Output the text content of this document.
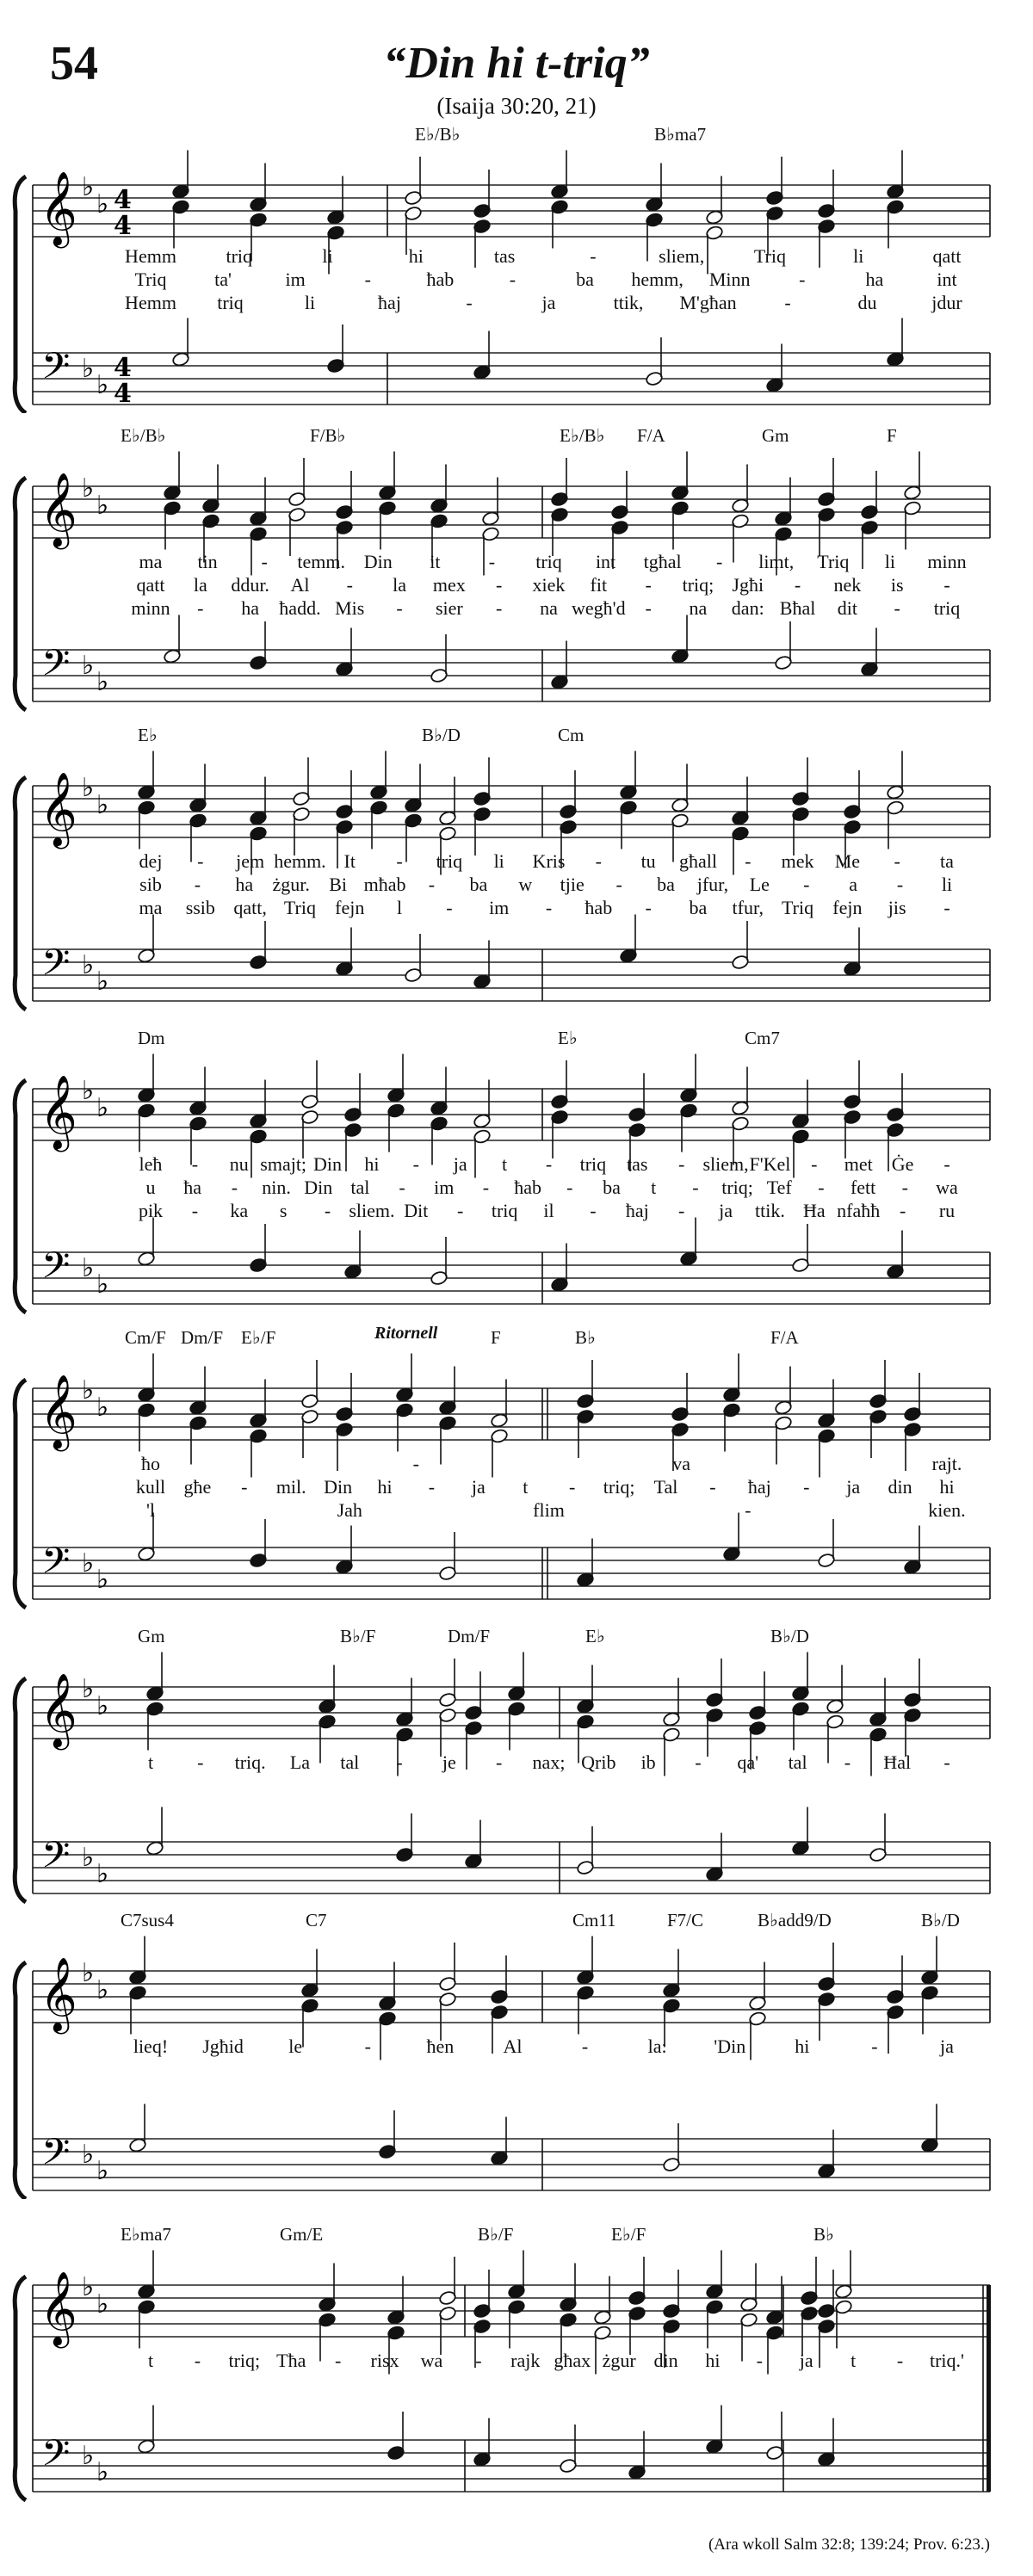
54	“Din hi t-triq”
(Isaija 30:20, 21)
𝄞
𝄢
♭
♭
♭
♭
4
4
4
4
E♭/B♭	B♭ma7
Hemm	triq	li	hi	tas	-	sliem,	Triq	li	qatt
Triq	ta'	im	-	ħab	-	ba hemm, Minn	-	ha	int
Hemm triq	li	ħaj	-	ja	ttik, M'għan	-	du	jdur
𝄞
𝄢
♭
♭
♭
♭
E♭/B♭	F/B♭	E♭/B♭ F/A	Gm	F
ma tin - temm. Din it	- triq int tgħal - limt, Triq li minn
qatt la ddur. Al - la mex - xiek fit - triq; Jgħi - nek is -
minn - ha ħadd. Mis - sier - na wegħ'd - na dan: Bħal dit - triq
𝄞
𝄢
♭
♭
♭
♭
E♭	B♭/D	Cm
dej - jem hemm. It - triq li Kris - tu għall - mek Me - ta
sib - ha żgur. Bi mħab - ba w tjie - ba jfur, Le - a - li
ma ssib qatt, Triq fejn l - im - ħab - ba tfur, Triq fejn jis -
𝄞
𝄢
♭
♭
♭
♭
Dm	E♭	Cm7
leħ - nu smajt; Din hi - ja t - triq tas - sliem, F'Kel - met Ġe -
u ħa - nin. Din tal - im - ħab - ba t - triq; Tef - fett - wa
pik - ka s - sliem. Dit - triq il - ħaj - ja ttik. Ħa nfaħħ - ru
𝄞
𝄢
♭
♭
♭
♭
Cm/F Dm/F E♭/F	F	B♭	F/A
Ritornell
ħo	-	va	rajt.
kull għe - mil. Din hi - ja t - triq; Tal - ħaj - ja din hi
'l	Jah	flim	-	kien.
𝄞
𝄢
♭
♭
♭
♭
Gm	B♭/F	Dm/F	E♭	B♭/D
t - triq. La tal - je - nax; Qrib ib - qa' tal - Ħal -
𝄞
𝄢
♭
♭
♭
♭
C7sus4	C7	Cm11	F7/C	B♭add9/D	B♭/D
lieq! Jgħid le	-	ħen	Al	-	la: 'Din	hi	-	ja
𝄞
𝄢
♭
♭
♭
♭
E♭ma7	Gm/E	B♭/F	E♭/F	B♭
t - triq; Tħa - risx wa - rajk għax żgur din hi - ja t - triq.'
(Ara wkoll Salm 32:8; 139:24; Prov. 6:23.)
